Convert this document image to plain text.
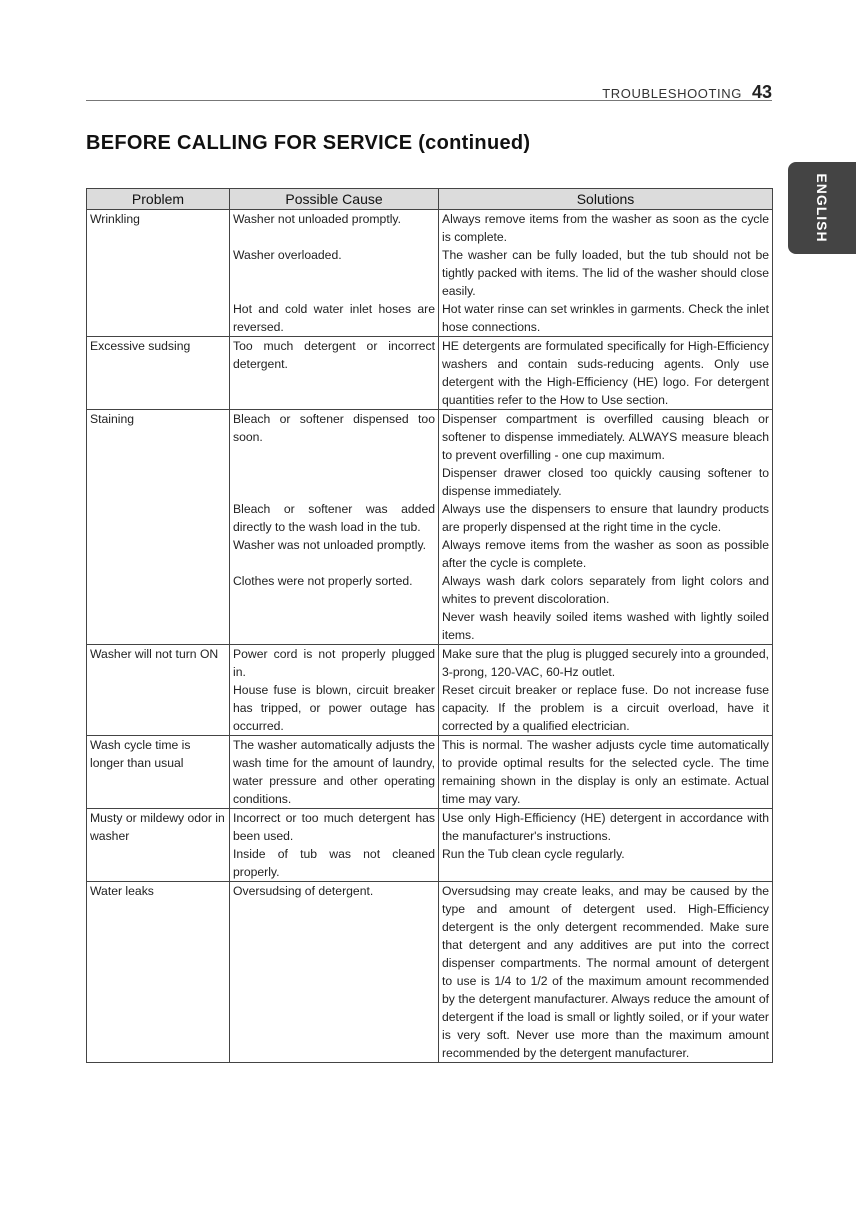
TROUBLESHOOTING 43
BEFORE CALLING FOR SERVICE (continued)
ENGLISH
Problem	Possible Cause	Solutions
Wrinkling	Washer not unloaded promptly.	Always remove items from the washer as soon as the cycle is complete.
	Washer overloaded.	The washer can be fully loaded, but the tub should not be tightly packed with items. The lid of the washer should close easily.
	Hot and cold water inlet hoses are reversed.	Hot water rinse can set wrinkles in garments. Check the inlet hose connections.
Excessive sudsing	Too much detergent or incorrect detergent.	HE detergents are formulated specifically for High-Efficiency washers and contain suds-reducing agents. Only use detergent with the High-Efficiency (HE) logo. For detergent quantities refer to the How to Use section.
Staining	Bleach or softener dispensed too soon.	Dispenser compartment is overfilled causing bleach or softener to dispense immediately. ALWAYS measure bleach to prevent overfilling - one cup maximum.
		Dispenser drawer closed too quickly causing softener to dispense immediately.
	Bleach or softener was added directly to the wash load in the tub.	Always use the dispensers to ensure that laundry products are properly dispensed at the right time in the cycle.
	Washer was not unloaded promptly.	Always remove items from the washer as soon as possible after the cycle is complete.
	Clothes were not properly sorted.	Always wash dark colors separately from light colors and whites to prevent discoloration.
		Never wash heavily soiled items washed with lightly soiled items.
Washer will not turn ON	Power cord is not properly plugged in.	Make sure that the plug is plugged securely into a grounded, 3-prong, 120-VAC, 60-Hz outlet.
	House fuse is blown, circuit breaker has tripped, or power outage has occurred.	Reset circuit breaker or replace fuse. Do not increase fuse capacity. If the problem is a circuit overload, have it corrected by a qualified electrician.
Wash cycle time is longer than usual	The washer automatically adjusts the wash time for the amount of laundry, water pressure and other operating conditions.	This is normal. The washer adjusts cycle time automatically to provide optimal results for the selected cycle. The time remaining shown in the display is only an estimate. Actual time may vary.
Musty or mildewy odor in washer	Incorrect or too much detergent has been used.	Use only High-Efficiency (HE) detergent in accordance with the manufacturer's instructions.
	Inside of tub was not cleaned properly.	Run the Tub clean cycle regularly.
Water leaks	Oversudsing of detergent.	Oversudsing may create leaks, and may be caused by the type and amount of detergent used. High-Efficiency detergent is the only detergent recommended. Make sure that detergent and any additives are put into the correct dispenser compartments. The normal amount of detergent to use is 1/4 to 1/2 of the maximum amount recommended by the detergent manufacturer. Always reduce the amount of detergent if the load is small or lightly soiled, or if your water is very soft. Never use more than the maximum amount recommended by the detergent manufacturer.
